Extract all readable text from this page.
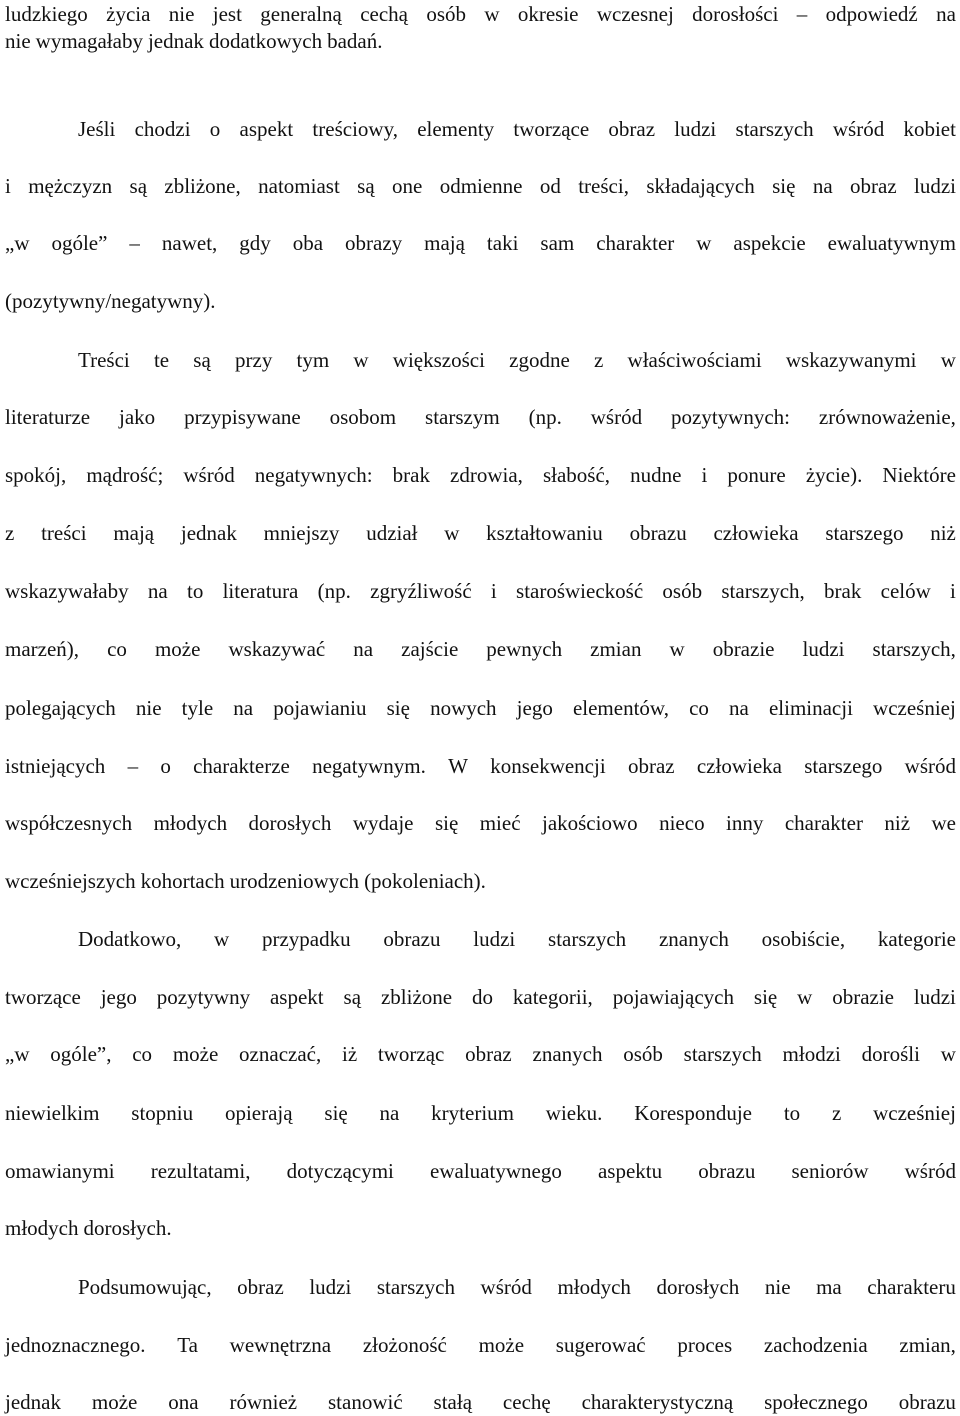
ludzkiego życia nie jest generalną cechą osób w okresie wczesnej dorosłości – odpowiedź na
nie wymagałaby jednak dodatkowych badań.
Jeśli chodzi o aspekt treściowy, elementy tworzące obraz ludzi starszych wśród kobiet
i mężczyzn są zbliżone, natomiast są one odmienne od treści, składających się na obraz ludzi
„w ogóle” – nawet, gdy oba obrazy mają taki sam charakter w aspekcie ewaluatywnym
(pozytywny/negatywny).
Treści te są przy tym w większości zgodne z właściwościami wskazywanymi w
literaturze jako przypisywane osobom starszym (np. wśród pozytywnych: zrównoważenie,
spokój, mądrość; wśród negatywnych: brak zdrowia, słabość, nudne i ponure życie). Niektóre
z treści mają jednak mniejszy udział w kształtowaniu obrazu człowieka starszego niż
wskazywałaby na to literatura (np. zgryźliwość i staroświeckość osób starszych, brak celów i
marzeń), co może wskazywać na zajście pewnych zmian w obrazie ludzi starszych,
polegających nie tyle na pojawianiu się nowych jego elementów, co na eliminacji wcześniej
istniejących – o charakterze negatywnym. W konsekwencji obraz człowieka starszego wśród
współczesnych młodych dorosłych wydaje się mieć jakościowo nieco inny charakter niż we
wcześniejszych kohortach urodzeniowych (pokoleniach).
Dodatkowo, w przypadku obrazu ludzi starszych znanych osobiście, kategorie
tworzące jego pozytywny aspekt są zbliżone do kategorii, pojawiających się w obrazie ludzi
„w ogóle”, co może oznaczać, iż tworząc obraz znanych osób starszych młodzi dorośli w
niewielkim stopniu opierają się na kryterium wieku. Koresponduje to z wcześniej
omawianymi rezultatami, dotyczącymi ewaluatywnego aspektu obrazu seniorów wśród
młodych dorosłych.
Podsumowując, obraz ludzi starszych wśród młodych dorosłych nie ma charakteru
jednoznacznego. Ta wewnętrzna złożoność może sugerować proces zachodzenia zmian,
jednak może ona również stanowić stałą cechę charakterystyczną społecznego obrazu
